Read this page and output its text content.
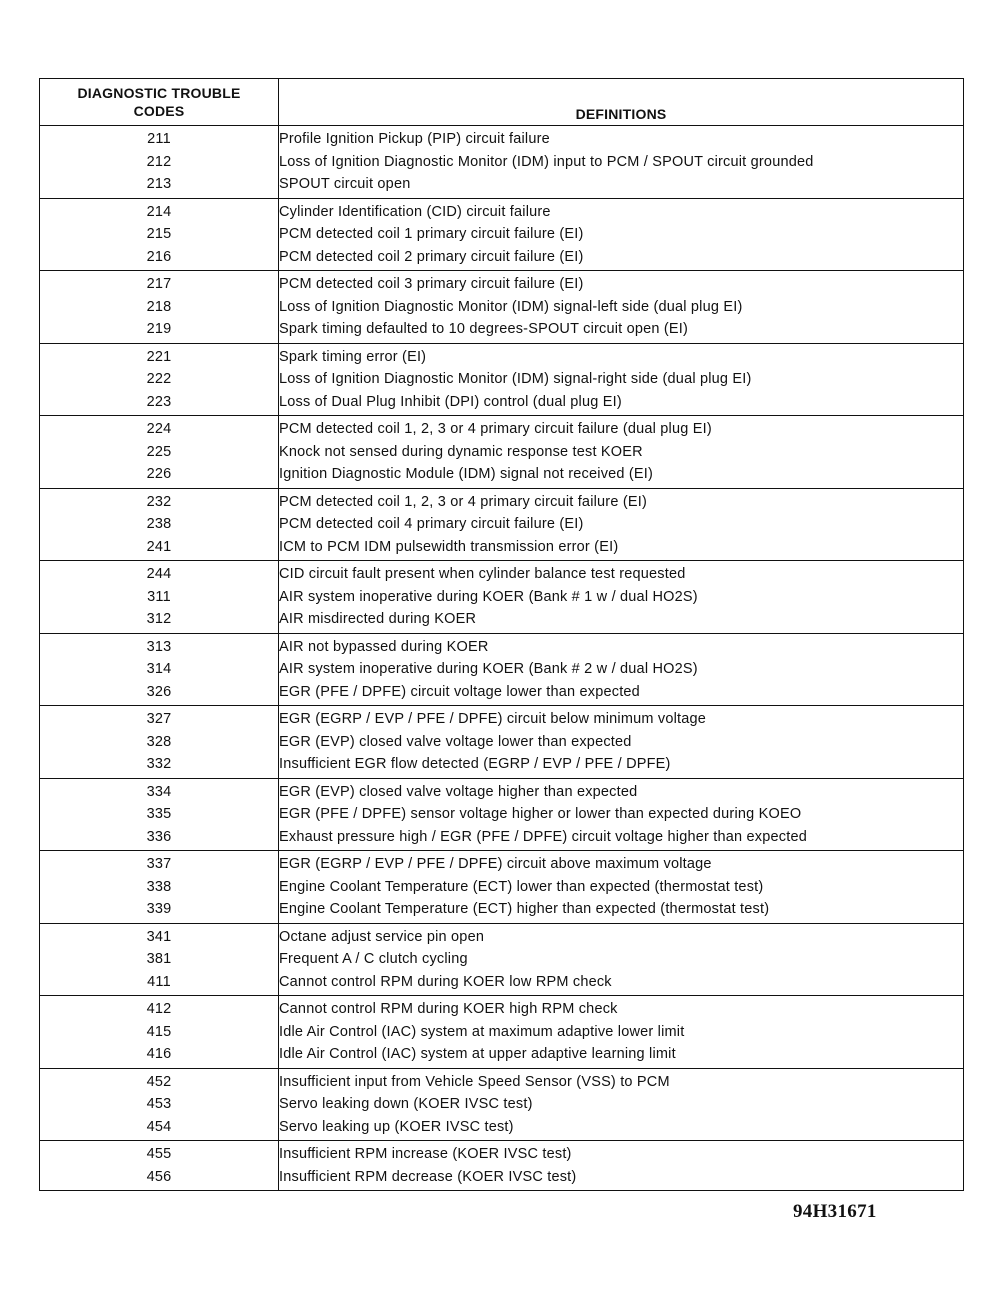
DIAGNOSTIC TROUBLE
CODES	DEFINITIONS
211	Profile Ignition Pickup (PIP) circuit failure
212	Loss of Ignition Diagnostic Monitor (IDM) input to PCM / SPOUT circuit grounded
213	SPOUT circuit open
214	Cylinder Identification (CID) circuit failure
215	PCM detected coil 1 primary circuit failure (EI)
216	PCM detected coil 2 primary circuit failure (EI)
217	PCM detected coil 3 primary circuit failure (EI)
218	Loss of Ignition Diagnostic Monitor (IDM) signal-left side (dual plug EI)
219	Spark timing defaulted to 10 degrees-SPOUT circuit open (EI)
221	Spark timing error (EI)
222	Loss of Ignition Diagnostic Monitor (IDM) signal-right side (dual plug EI)
223	Loss of Dual Plug Inhibit (DPI) control (dual plug EI)
224	PCM detected coil 1, 2, 3 or 4 primary circuit failure (dual plug EI)
225	Knock not sensed during dynamic response test KOER
226	Ignition Diagnostic Module (IDM) signal not received (EI)
232	PCM detected coil 1, 2, 3 or 4 primary circuit failure (EI)
238	PCM detected coil 4 primary circuit failure (EI)
241	ICM to PCM IDM pulsewidth transmission error (EI)
244	CID circuit fault present when cylinder balance test requested
311	AIR system inoperative during KOER (Bank # 1 w / dual HO2S)
312	AIR misdirected during KOER
313	AIR not bypassed during KOER
314	AIR system inoperative during KOER (Bank # 2 w / dual HO2S)
326	EGR (PFE / DPFE) circuit voltage lower than expected
327	EGR (EGRP / EVP / PFE / DPFE) circuit below minimum voltage
328	EGR (EVP) closed valve voltage lower than expected
332	Insufficient EGR flow detected (EGRP / EVP / PFE / DPFE)
334	EGR (EVP) closed valve voltage higher than expected
335	EGR (PFE / DPFE) sensor voltage higher or lower than expected during KOEO
336	Exhaust pressure high / EGR (PFE / DPFE) circuit voltage higher than expected
337	EGR (EGRP / EVP / PFE / DPFE) circuit above maximum voltage
338	Engine Coolant Temperature (ECT) lower than expected (thermostat test)
339	Engine Coolant Temperature (ECT) higher than expected (thermostat test)
341	Octane adjust service pin open
381	Frequent A / C clutch cycling
411	Cannot control RPM during KOER low RPM check
412	Cannot control RPM during KOER high RPM check
415	Idle Air Control (IAC) system at maximum adaptive lower limit
416	Idle Air Control (IAC) system at upper adaptive learning limit
452	Insufficient input from Vehicle Speed Sensor (VSS) to PCM
453	Servo leaking down (KOER IVSC test)
454	Servo leaking up (KOER IVSC test)
455	Insufficient RPM increase (KOER IVSC test)
456	Insufficient RPM decrease (KOER IVSC test)
94H31671
